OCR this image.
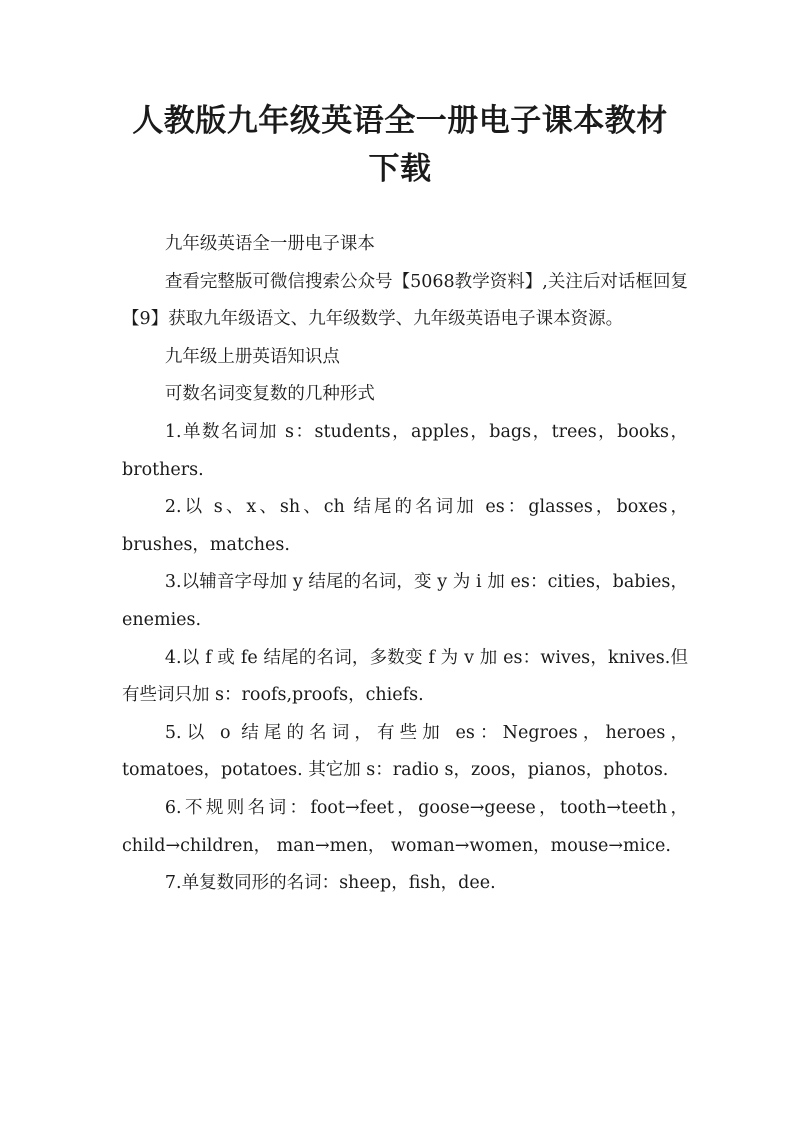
人教版九年级英语全一册电子课本教材下载

九年级英语全一册电子课本

查看完整版可微信搜索公众号【5068教学资料】,关注后对话框回复【9】获取九年级语文、九年级数学、九年级英语电子课本资源。

九年级上册英语知识点

可数名词变复数的几种形式

1.单数名词加 s：students，apples，bags，trees，books，brothers.

2.以 s、x、sh、ch 结尾的名词加 es：glasses，boxes，brushes，matches.

3.以辅音字母加 y 结尾的名词，变 y 为 i 加 es：cities，babies，enemies.

4.以 f 或 fe 结尾的名词，多数变 f 为 v 加 es：wives，knives.但有些词只加 s：roofs,proofs，chiefs.

5.以 o 结尾的名词，有些加 es：Negroes，heroes，tomatoes，potatoes. 其它加 s：radio s，zoos，pianos，photos.

6.不规则名词：foot→feet，goose→geese，tooth→teeth， child→children， man→men， woman→women，mouse→mice.

7.单复数同形的名词：sheep，fish，dee.
